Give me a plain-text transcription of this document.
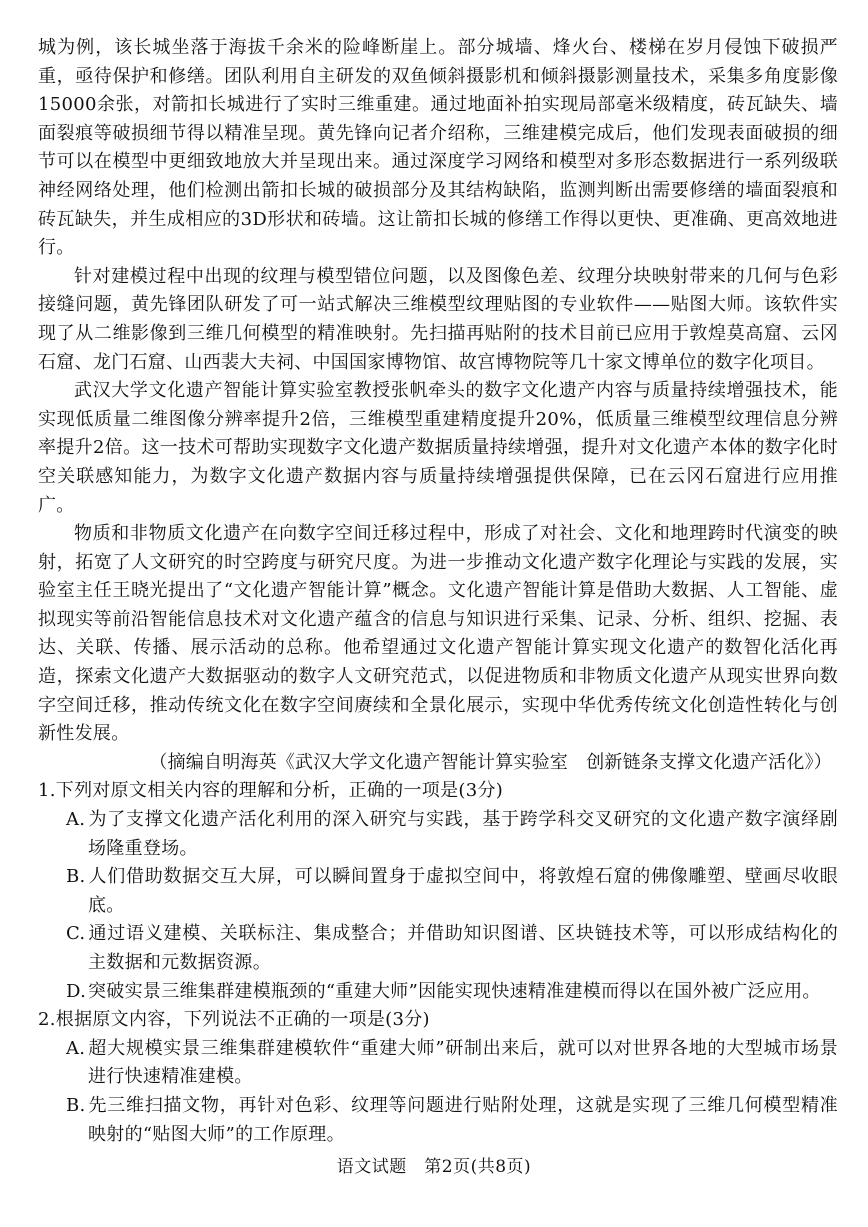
城为例，该长城坐落于海拔千余米的险峰断崖上。部分城墙、烽火台、楼梯在岁月侵蚀下破损严重，亟待保护和修缮。团队利用自主研发的双鱼倾斜摄影机和倾斜摄影测量技术，采集多角度影像15000余张，对箭扣长城进行了实时三维重建。通过地面补拍实现局部毫米级精度，砖瓦缺失、墙面裂痕等破损细节得以精准呈现。黄先锋向记者介绍称，三维建模完成后，他们发现表面破损的细节可以在模型中更细致地放大并呈现出来。通过深度学习网络和模型对多形态数据进行一系列级联神经网络处理，他们检测出箭扣长城的破损部分及其结构缺陷，监测判断出需要修缮的墙面裂痕和砖瓦缺失，并生成相应的3D形状和砖墙。这让箭扣长城的修缮工作得以更快、更准确、更高效地进行。

针对建模过程中出现的纹理与模型错位问题，以及图像色差、纹理分块映射带来的几何与色彩接缝问题，黄先锋团队研发了可一站式解决三维模型纹理贴图的专业软件——贴图大师。该软件实现了从二维影像到三维几何模型的精准映射。先扫描再贴附的技术目前已应用于敦煌莫高窟、云冈石窟、龙门石窟、山西裴大夫祠、中国国家博物馆、故宫博物院等几十家文博单位的数字化项目。

武汉大学文化遗产智能计算实验室教授张帆牵头的数字文化遗产内容与质量持续增强技术，能实现低质量二维图像分辨率提升2倍，三维模型重建精度提升20%，低质量三维模型纹理信息分辨率提升2倍。这一技术可帮助实现数字文化遗产数据质量持续增强，提升对文化遗产本体的数字化时空关联感知能力，为数字文化遗产数据内容与质量持续增强提供保障，已在云冈石窟进行应用推广。

物质和非物质文化遗产在向数字空间迁移过程中，形成了对社会、文化和地理跨时代演变的映射，拓宽了人文研究的时空跨度与研究尺度。为进一步推动文化遗产数字化理论与实践的发展，实验室主任王晓光提出了“文化遗产智能计算”概念。文化遗产智能计算是借助大数据、人工智能、虚拟现实等前沿智能信息技术对文化遗产蕴含的信息与知识进行采集、记录、分析、组织、挖掘、表达、关联、传播、展示活动的总称。他希望通过文化遗产智能计算实现文化遗产的数智化活化再造，探索文化遗产大数据驱动的数字人文研究范式，以促进物质和非物质文化遗产从现实世界向数字空间迁移，推动传统文化在数字空间赓续和全景化展示，实现中华优秀传统文化创造性转化与创新性发展。

（摘编自明海英《武汉大学文化遗产智能计算实验室　创新链条支撑文化遗产活化》）

1.下列对原文相关内容的理解和分析，正确的一项是(3分)

A. 为了支撑文化遗产活化利用的深入研究与实践，基于跨学科交叉研究的文化遗产数字演绎剧场隆重登场。

B. 人们借助数据交互大屏，可以瞬间置身于虚拟空间中，将敦煌石窟的佛像雕塑、壁画尽收眼底。

C. 通过语义建模、关联标注、集成整合；并借助知识图谱、区块链技术等，可以形成结构化的主数据和元数据资源。

D. 突破实景三维集群建模瓶颈的“重建大师”因能实现快速精准建模而得以在国外被广泛应用。

2.根据原文内容，下列说法不正确的一项是(3分)

A. 超大规模实景三维集群建模软件“重建大师”研制出来后，就可以对世界各地的大型城市场景进行快速精准建模。

B. 先三维扫描文物，再针对色彩、纹理等问题进行贴附处理，这就是实现了三维几何模型精准映射的“贴图大师”的工作原理。

语文试题　第2页(共8页)
